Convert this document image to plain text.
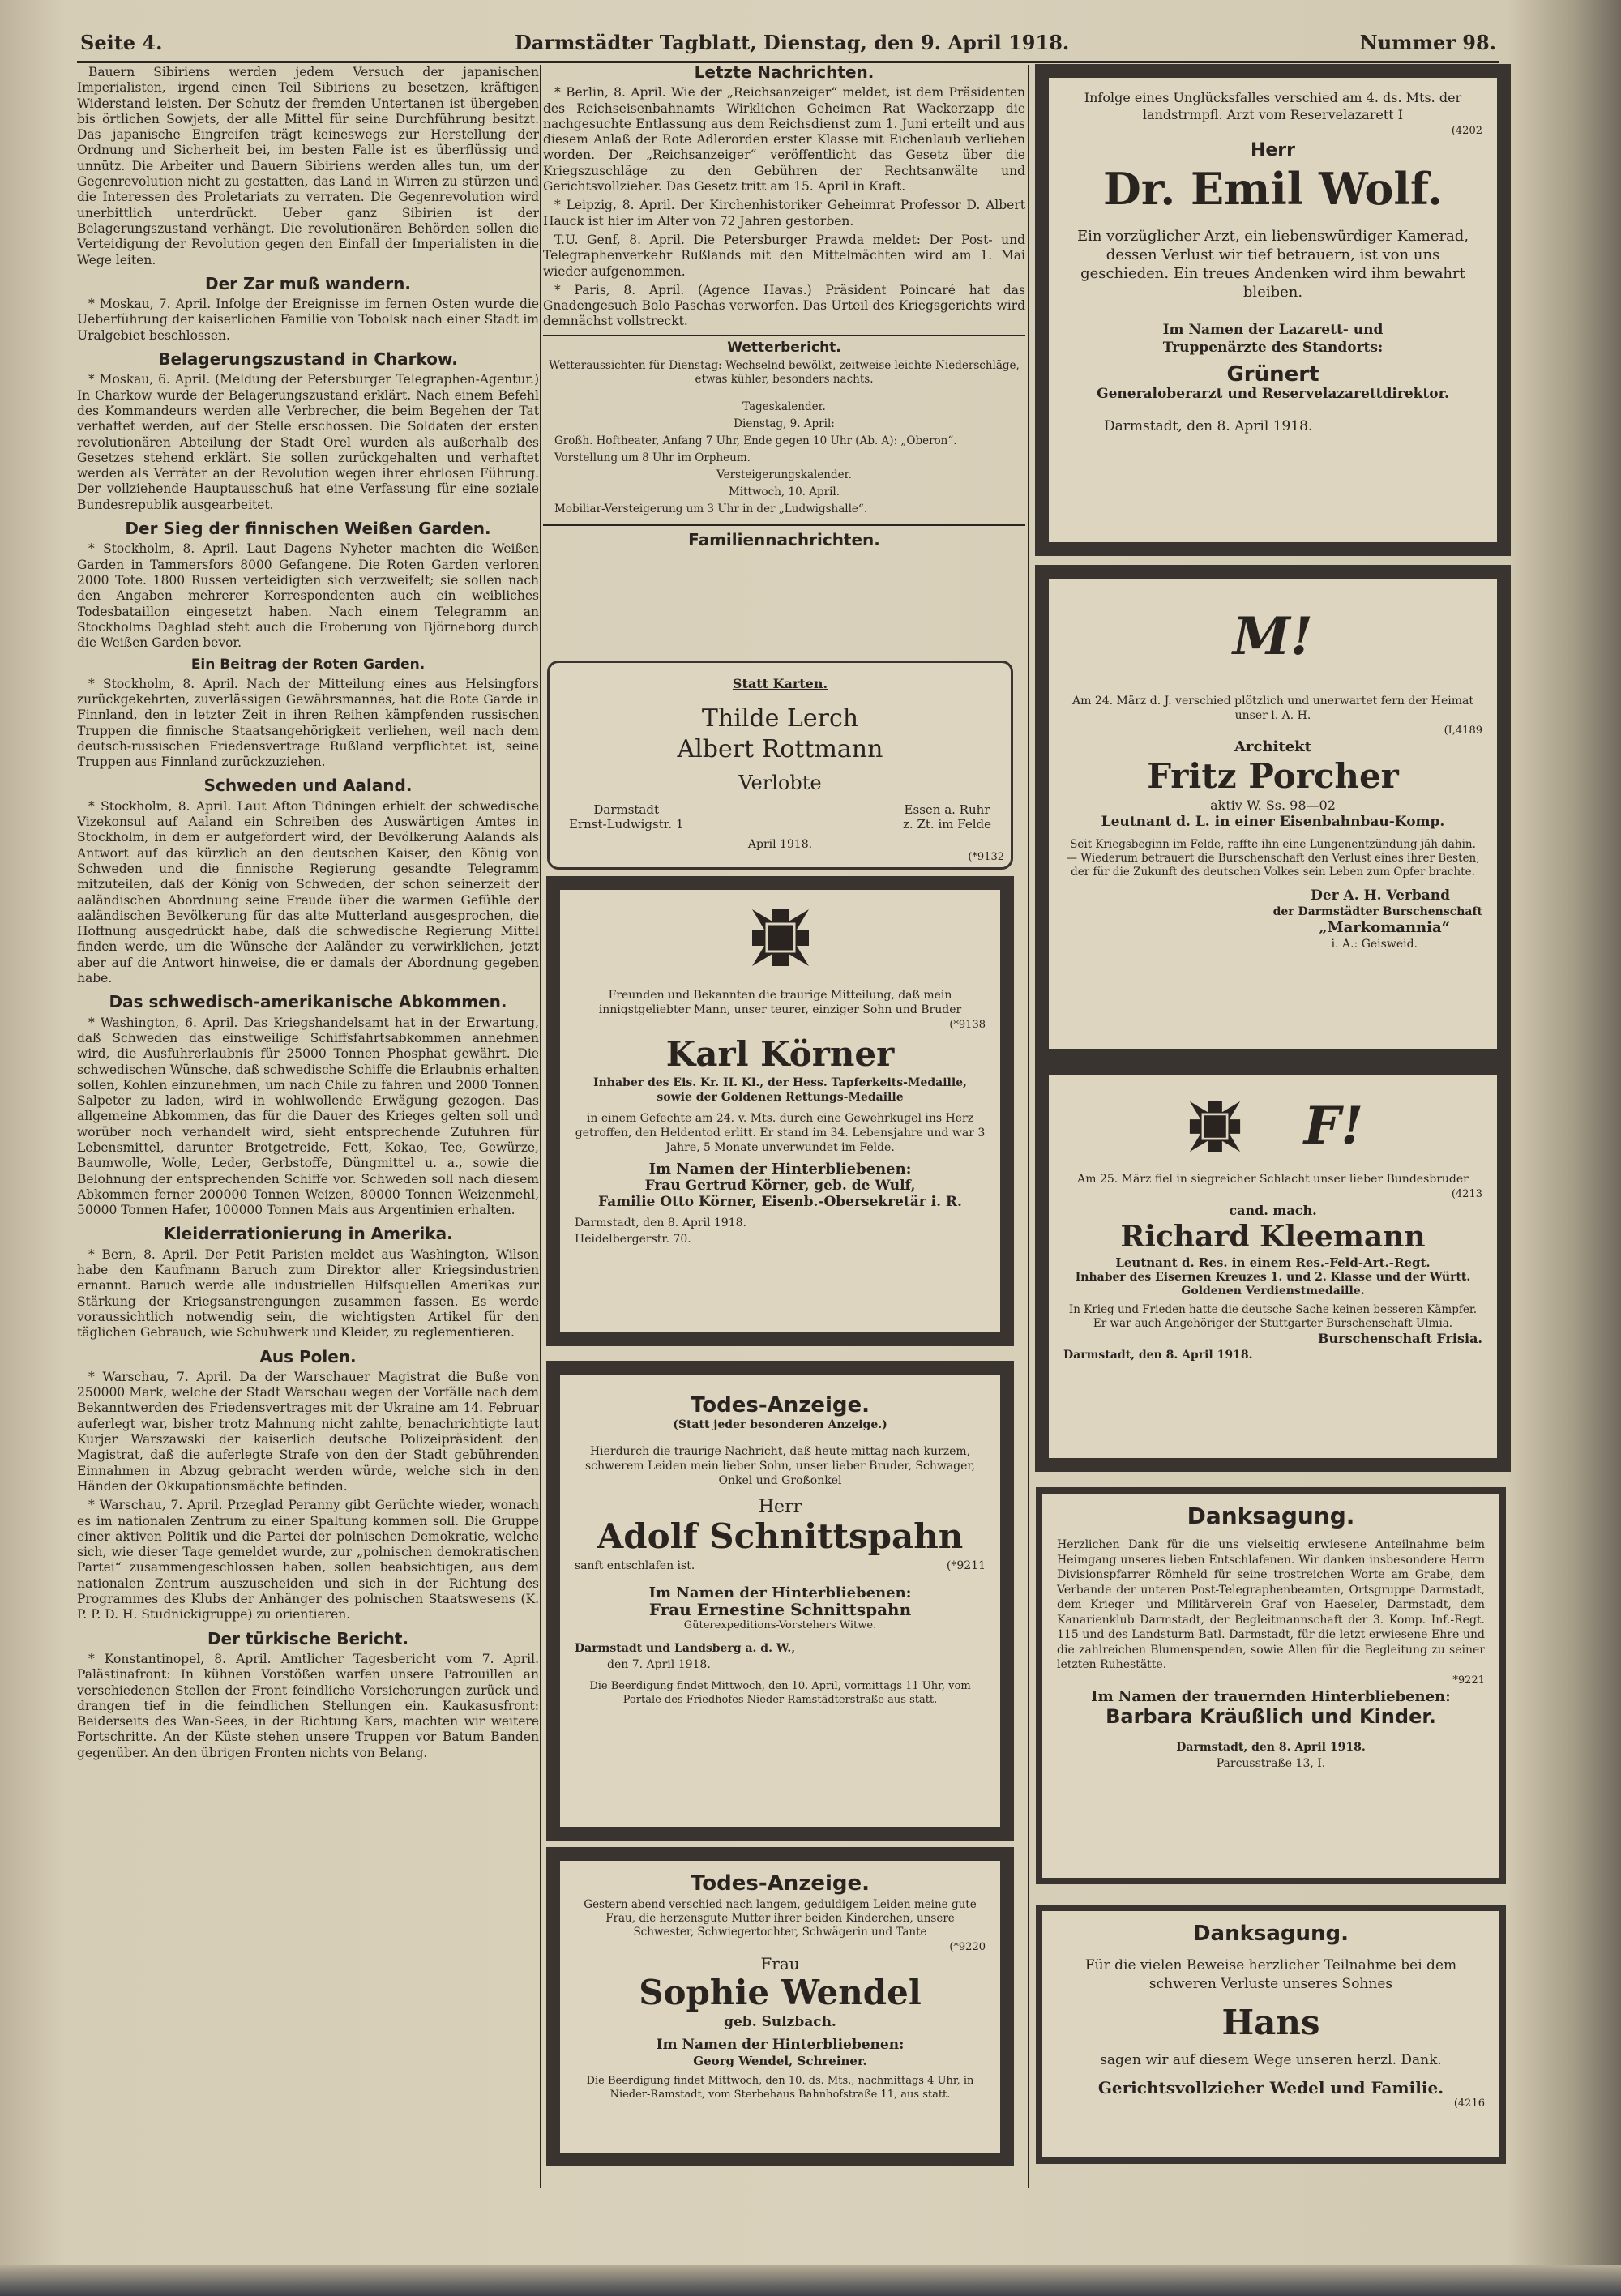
Seite 4.	Darmstädter Tagblatt, Dienstag, den 9. April 1918.	Nummer 98.

Bauern Sibiriens werden jedem Versuch der japanischen Imperialisten, irgend einen Teil Sibiriens zu besetzen, kräftigen Widerstand leisten. Der Schutz der fremden Untertanen ist übergeben bis örtlichen Sowjets, der alle Mittel für seine Durchführung besitzt. Das japanische Eingreifen trägt keineswegs zur Herstellung der Ordnung und Sicherheit bei, im besten Falle ist es überflüssig und unnütz. Die Arbeiter und Bauern Sibiriens werden alles tun, um der Gegenrevolution nicht zu gestatten, das Land in Wirren zu stürzen und die Interessen des Proletariats zu verraten. Die Gegenrevolution wird unerbittlich unterdrückt. Ueber ganz Sibirien ist der Belagerungszustand verhängt. Die revolutionären Behörden sollen die Verteidigung der Revolution gegen den Einfall der Imperialisten in die Wege leiten.

Der Zar muß wandern.

* Moskau, 7. April. Infolge der Ereignisse im fernen Osten wurde die Ueberführung der kaiserlichen Familie von Tobolsk nach einer Stadt im Uralgebiet beschlossen.

Belagerungszustand in Charkow.

* Moskau, 6. April. (Meldung der Petersburger Telegraphen-Agentur.) In Charkow wurde der Belagerungszustand erklärt. Nach einem Befehl des Kommandeurs werden alle Verbrecher, die beim Begehen der Tat verhaftet werden, auf der Stelle erschossen. Die Soldaten der ersten revolutionären Abteilung der Stadt Orel wurden als außerhalb des Gesetzes stehend erklärt. Sie sollen zurückgehalten und verhaftet werden als Verräter an der Revolution wegen ihrer ehrlosen Führung. Der vollziehende Hauptausschuß hat eine Verfassung für eine soziale Bundesrepublik ausgearbeitet.

Der Sieg der finnischen Weißen Garden.

* Stockholm, 8. April. Laut Dagens Nyheter machten die Weißen Garden in Tammersfors 8000 Gefangene. Die Roten Garden verloren 2000 Tote. 1800 Russen verteidigten sich verzweifelt; sie sollen nach den Angaben mehrerer Korrespondenten auch ein weibliches Todesbataillon eingesetzt haben. Nach einem Telegramm an Stockholms Dagblad steht auch die Eroberung von Björneborg durch die Weißen Garden bevor.

Ein Beitrag der Roten Garden.

* Stockholm, 8. April. Nach der Mitteilung eines aus Helsingfors zurückgekehrten, zuverlässigen Gewährsmannes, hat die Rote Garde in Finnland, den in letzter Zeit in ihren Reihen kämpfenden russischen Truppen die finnische Staatsangehörigkeit verliehen, weil nach dem deutsch-russischen Friedensvertrage Rußland verpflichtet ist, seine Truppen aus Finnland zurückzuziehen.

Schweden und Aaland.

* Stockholm, 8. April. Laut Afton Tidningen erhielt der schwedische Vizekonsul auf Aaland ein Schreiben des Auswärtigen Amtes in Stockholm, in dem er aufgefordert wird, der Bevölkerung Aalands als Antwort auf das kürzlich an den deutschen Kaiser, den König von Schweden und die finnische Regierung gesandte Telegramm mitzuteilen, daß der König von Schweden, der schon seinerzeit der aaländischen Abordnung seine Freude über die warmen Gefühle der aaländischen Bevölkerung für das alte Mutterland ausgesprochen, die Hoffnung ausgedrückt habe, daß die schwedische Regierung Mittel finden werde, um die Wünsche der Aaländer zu verwirklichen, jetzt aber auf die Antwort hinweise, die er damals der Abordnung gegeben habe.

Das schwedisch-amerikanische Abkommen.

* Washington, 6. April. Das Kriegshandelsamt hat in der Erwartung, daß Schweden das einstweilige Schiffsfahrtsabkommen annehmen wird, die Ausfuhrerlaubnis für 25000 Tonnen Phosphat gewährt. Die schwedischen Wünsche, daß schwedische Schiffe die Erlaubnis erhalten sollen, Kohlen einzunehmen, um nach Chile zu fahren und 2000 Tonnen Salpeter zu laden, wird in wohlwollende Erwägung gezogen. Das allgemeine Abkommen, das für die Dauer des Krieges gelten soll und worüber noch verhandelt wird, sieht entsprechende Zufuhren für Lebensmittel, darunter Brotgetreide, Fett, Kokao, Tee, Gewürze, Baumwolle, Wolle, Leder, Gerbstoffe, Düngmittel u. a., sowie die Belohnung der entsprechenden Schiffe vor. Schweden soll nach diesem Abkommen ferner 200000 Tonnen Weizen, 80000 Tonnen Weizenmehl, 50000 Tonnen Hafer, 100000 Tonnen Mais aus Argentinien erhalten.

Kleiderrationierung in Amerika.

* Bern, 8. April. Der Petit Parisien meldet aus Washington, Wilson habe den Kaufmann Baruch zum Direktor aller Kriegsindustrien ernannt. Baruch werde alle industriellen Hilfsquellen Amerikas zur Stärkung der Kriegsanstrengungen zusammen fassen. Es werde voraussichtlich notwendig sein, die wichtigsten Artikel für den täglichen Gebrauch, wie Schuhwerk und Kleider, zu reglementieren.

Aus Polen.

* Warschau, 7. April. Da der Warschauer Magistrat die Buße von 250000 Mark, welche der Stadt Warschau wegen der Vorfälle nach dem Bekanntwerden des Friedensvertrages mit der Ukraine am 14. Februar auferlegt war, bisher trotz Mahnung nicht zahlte, benachrichtigte laut Kurjer Warszawski der kaiserlich deutsche Polizeipräsident den Magistrat, daß die auferlegte Strafe von den der Stadt gebührenden Einnahmen in Abzug gebracht werden würde, welche sich in den Händen der Okkupationsmächte befinden.

* Warschau, 7. April. Przeglad Peranny gibt Gerüchte wieder, wonach es im nationalen Zentrum zu einer Spaltung kommen soll. Die Gruppe einer aktiven Politik und die Partei der polnischen Demokratie, welche sich, wie dieser Tage gemeldet wurde, zur „polnischen demokratischen Partei“ zusammengeschlossen haben, sollen beabsichtigen, aus dem nationalen Zentrum auszuscheiden und sich in der Richtung des Programmes des Klubs der Anhänger des polnischen Staatswesens (K. P. P. D. H. Studnickigruppe) zu orientieren.

Der türkische Bericht.

* Konstantinopel, 8. April. Amtlicher Tagesbericht vom 7. April. Palästinafront: In kühnen Vorstößen warfen unsere Patrouillen an verschiedenen Stellen der Front feindliche Vorsicherungen zurück und drangen tief in die feindlichen Stellungen ein. Kaukasusfront: Beiderseits des Wan-Sees, in der Richtung Kars, machten wir weitere Fortschritte. An der Küste stehen unsere Truppen vor Batum Banden gegenüber. An den übrigen Fronten nichts von Belang.

Letzte Nachrichten.

* Berlin, 8. April. Wie der „Reichsanzeiger“ meldet, ist dem Präsidenten des Reichseisenbahnamts Wirklichen Geheimen Rat Wackerzapp die nachgesuchte Entlassung aus dem Reichsdienst zum 1. Juni erteilt und aus diesem Anlaß der Rote Adlerorden erster Klasse mit Eichenlaub verliehen worden. Der „Reichsanzeiger“ veröffentlicht das Gesetz über die Kriegszuschläge zu den Gebühren der Rechtsanwälte und Gerichtsvollzieher. Das Gesetz tritt am 15. April in Kraft.

* Leipzig, 8. April. Der Kirchenhistoriker Geheimrat Professor D. Albert Hauck ist hier im Alter von 72 Jahren gestorben.

T.U. Genf, 8. April. Die Petersburger Prawda meldet: Der Post- und Telegraphenverkehr Rußlands mit den Mittelmächten wird am 1. Mai wieder aufgenommen.

* Paris, 8. April. (Agence Havas.) Präsident Poincaré hat das Gnadengesuch Bolo Paschas verworfen. Das Urteil des Kriegsgerichts wird demnächst vollstreckt.

Wetterbericht.

Wetteraussichten für Dienstag: Wechselnd bewölkt, zeitweise leichte Niederschläge, etwas kühler, besonders nachts.

Tageskalender.

Dienstag, 9. April:

Großh. Hoftheater, Anfang 7 Uhr, Ende gegen 10 Uhr (Ab. A): „Oberon“.

Vorstellung um 8 Uhr im Orpheum.

Versteigerungskalender.

Mittwoch, 10. April.

Mobiliar-Versteigerung um 3 Uhr in der „Ludwigshalle“.

Familiennachrichten.
Statt Karten.
Thilde Lerch
Albert Rottmann
Verlobte
Darmstadt
Ernst-Ludwigstr. 1
Essen a. Ruhr
z. Zt. im Felde
April 1918.
(*9132

Freunden und Bekannten die traurige Mitteilung, daß mein innigstgeliebter Mann, unser teurer, einziger Sohn und Bruder

(*9138
Karl Körner

Inhaber des Eis. Kr. II. Kl., der Hess. Tapferkeits-Medaille, sowie der Goldenen Rettungs-Medaille

in einem Gefechte am 24. v. Mts. durch eine Gewehrkugel ins Herz getroffen, den Heldentod erlitt. Er stand im 34. Lebensjahre und war 3 Jahre, 5 Monate unverwundet im Felde.

Im Namen der Hinterbliebenen:
Frau Gertrud Körner, geb. de Wulf,
Familie Otto Körner, Eisenb.-Obersekretär i. R.
Darmstadt, den 8. April 1918.
Heidelbergerstr. 70.
Todes-Anzeige.
(Statt jeder besonderen Anzeige.)

Hierdurch die traurige Nachricht, daß heute mittag nach kurzem, schwerem Leiden mein lieber Sohn, unser lieber Bruder, Schwager, Onkel und Großonkel

Herr
Adolf Schnittspahn
sanft entschlafen ist.	(*9211
Im Namen der Hinterbliebenen:
Frau Ernestine Schnittspahn
Güterexpeditions-Vorstehers Witwe.
Darmstadt und Landsberg a. d. W.,
den 7. April 1918.

Die Beerdigung findet Mittwoch, den 10. April, vormittags 11 Uhr, vom Portale des Friedhofes Nieder-Ramstädterstraße aus statt.

Todes-Anzeige.

Gestern abend verschied nach langem, geduldigem Leiden meine gute Frau, die herzensgute Mutter ihrer beiden Kinderchen, unsere Schwester, Schwiegertochter, Schwägerin und Tante

(*9220
Frau
Sophie Wendel
geb. Sulzbach.
Im Namen der Hinterbliebenen:
Georg Wendel, Schreiner.

Die Beerdigung findet Mittwoch, den 10. ds. Mts., nachmittags 4 Uhr, in Nieder-Ramstadt, vom Sterbehaus Bahnhofstraße 11, aus statt.

Infolge eines Unglücksfalles verschied am 4. ds. Mts. der landstrmpfl. Arzt vom Reservelazarett I

(4202
Herr
Dr. Emil Wolf.

Ein vorzüglicher Arzt, ein liebenswürdiger Kamerad, dessen Verlust wir tief betrauern, ist von uns geschieden. Ein treues Andenken wird ihm bewahrt bleiben.

Im Namen der Lazarett- und Truppenärzte des Standorts:
Grünert
Generaloberarzt und Reservelazarettdirektor.
Darmstadt, den 8. April 1918.
M!

Am 24. März d. J. verschied plötzlich und unerwartet fern der Heimat unser l. A. H.

(I,4189
Architekt
Fritz Porcher
aktiv W. Ss. 98—02
Leutnant d. L. in einer Eisenbahnbau-Komp.

Seit Kriegsbeginn im Felde, raffte ihn eine Lungenentzündung jäh dahin. — Wiederum betrauert die Burschenschaft den Verlust eines ihrer Besten, der für die Zukunft des deutschen Volkes sein Leben zum Opfer brachte.

Der A. H. Verband
der Darmstädter Burschenschaft
„Markomannia“
i. A.: Geisweid.
F!

Am 25. März fiel in siegreicher Schlacht unser lieber Bundesbruder

(4213
cand. mach.
Richard Kleemann
Leutnant d. Res. in einem Res.-Feld-Art.-Regt.
Inhaber des Eisernen Kreuzes 1. und 2. Klasse und der Württ. Goldenen Verdienstmedaille.

In Krieg und Frieden hatte die deutsche Sache keinen besseren Kämpfer.

Er war auch Angehöriger der Stuttgarter Burschenschaft Ulmia.

Burschenschaft Frisia.
Darmstadt, den 8. April 1918.
Danksagung.

Herzlichen Dank für die uns vielseitig erwiesene Anteilnahme beim Heimgang unseres lieben Entschlafenen. Wir danken insbesondere Herrn Divisionspfarrer Römheld für seine trostreichen Worte am Grabe, dem Verbande der unteren Post-Telegraphenbeamten, Ortsgruppe Darmstadt, dem Krieger- und Militärverein Graf von Haeseler, Darmstadt, dem Kanarienklub Darmstadt, der Begleitmannschaft der 3. Komp. Inf.-Regt. 115 und des Landsturm-Batl. Darmstadt, für die letzt erwiesene Ehre und die zahlreichen Blumenspenden, sowie Allen für die Begleitung zu seiner letzten Ruhestätte.

*9221
Im Namen der trauernden Hinterbliebenen:
Barbara Kräußlich und Kinder.
Darmstadt, den 8. April 1918.
Parcusstraße 13, I.
Danksagung.

Für die vielen Beweise herzlicher Teilnahme bei dem schweren Verluste unseres Sohnes

Hans

sagen wir auf diesem Wege unseren herzl. Dank.

Gerichtsvollzieher Wedel und Familie.
(4216
